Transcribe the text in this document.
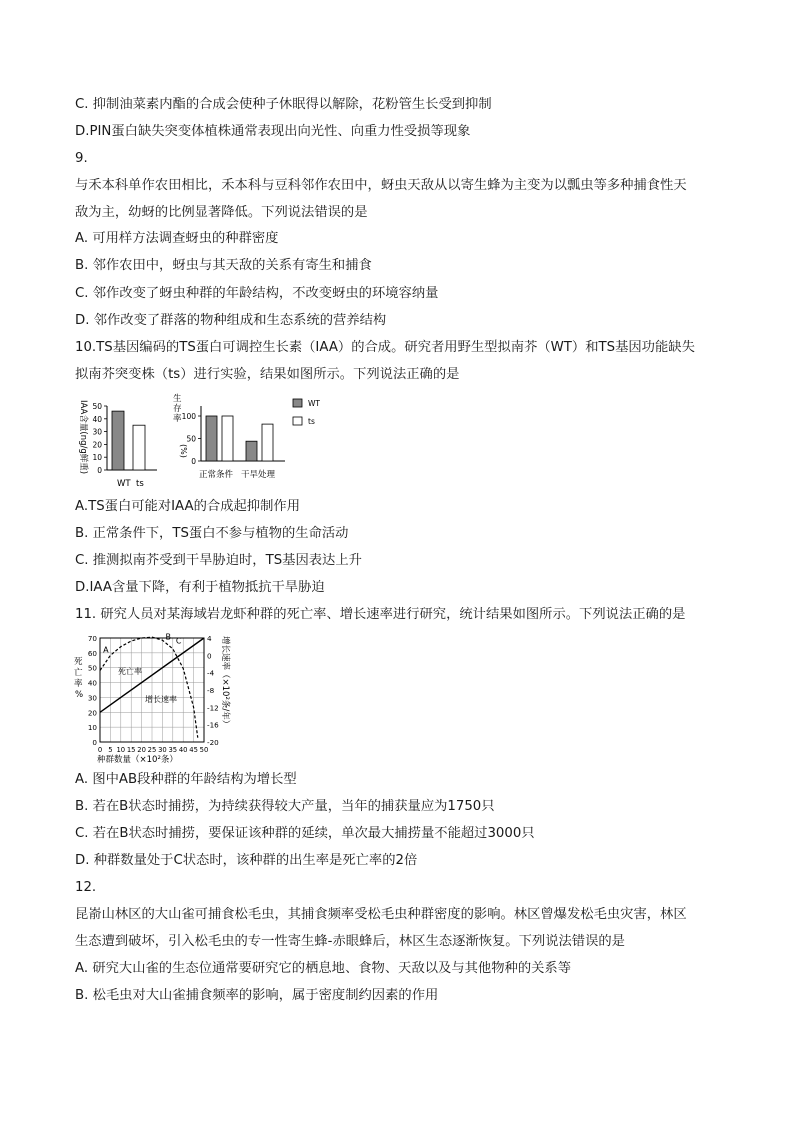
C. 抑制油菜素内酯的合成会使种子休眠得以解除，花粉管生长受到抑制
D.PIN蛋白缺失突变体植株通常表现出向光性、向重力性受损等现象
9.
与禾本科单作农田相比，禾本科与豆科邻作农田中，蚜虫天敌从以寄生蜂为主变为以瓢虫等多种捕食性天
敌为主，幼蚜的比例显著降低。下列说法错误的是
A. 可用样方法调查蚜虫的种群密度
B. 邻作农田中，蚜虫与其天敌的关系有寄生和捕食
C. 邻作改变了蚜虫种群的年龄结构，不改变蚜虫的环境容纳量
D. 邻作改变了群落的物种组成和生态系统的营养结构
10.TS基因编码的TS蛋白可调控生长素（IAA）的合成。研究者用野生型拟南芥（WT）和TS基因功能缺失
拟南芥突变株（ts）进行实验，结果如图所示。下列说法正确的是
IAA含量(ng/g鲜重) 0
10
20
30
40
50
WT ts
生
存
率
(%)
0
50
100
正常条件 干旱处理
WT
ts
A.TS蛋白可能对IAA的合成起抑制作用
B. 正常条件下，TS蛋白不参与植物的生命活动
C. 推测拟南芥受到干旱胁迫时，TS基因表达上升
D.IAA含量下降，有利于植物抵抗干旱胁迫
11. 研究人员对某海域岩龙虾种群的死亡率、增长速率进行研究，统计结果如图所示。下列说法正确的是
死
亡
率
%
0
10
20
30
40
50
60
70	4
0
-4
-8
-12
-16
-20
0 5 10 15 20 25 30 35 40 45 50
A
B C
死亡率
增长速率	增长速率（×10²条/年）
种群数量（×10²条）
A. 图中AB段种群的年龄结构为增长型
B. 若在B状态时捕捞，为持续获得较大产量，当年的捕获量应为1750只
C. 若在B状态时捕捞，要保证该种群的延续，单次最大捕捞量不能超过3000只
D. 种群数量处于C状态时，该种群的出生率是死亡率的2倍
12.
昆嵛山林区的大山雀可捕食松毛虫，其捕食频率受松毛虫种群密度的影响。林区曾爆发松毛虫灾害，林区
生态遭到破坏，引入松毛虫的专一性寄生蜂-赤眼蜂后，林区生态逐渐恢复。下列说法错误的是
A. 研究大山雀的生态位通常要研究它的栖息地、食物、天敌以及与其他物种的关系等
B. 松毛虫对大山雀捕食频率的影响，属于密度制约因素的作用
